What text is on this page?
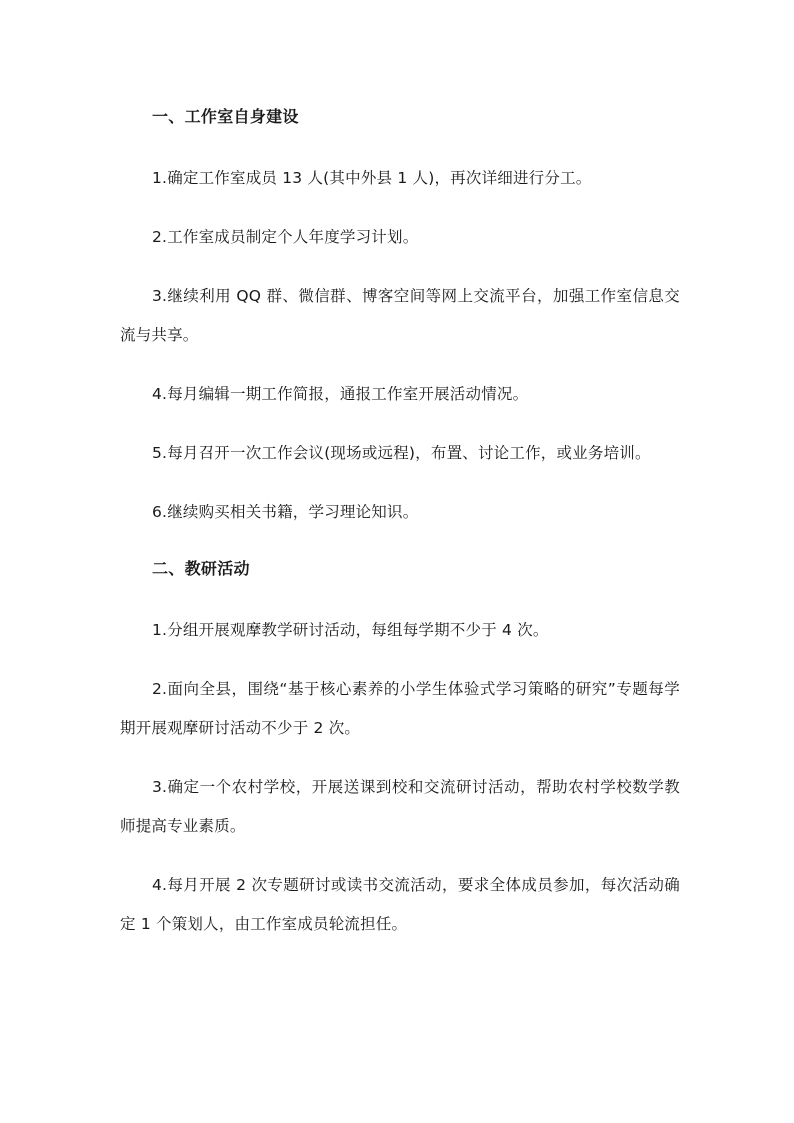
一、工作室自身建设

1.确定工作室成员 13 人(其中外县 1 人)，再次详细进行分工。

2.工作室成员制定个人年度学习计划。

3.继续利用 QQ 群、微信群、博客空间等网上交流平台，加强工作室信息交流与共享。

4.每月编辑一期工作简报，通报工作室开展活动情况。

5.每月召开一次工作会议(现场或远程)，布置、讨论工作，或业务培训。

6.继续购买相关书籍，学习理论知识。

二、教研活动

1.分组开展观摩教学研讨活动，每组每学期不少于 4 次。

2.面向全县，围绕“基于核心素养的小学生体验式学习策略的研究”专题每学期开展观摩研讨活动不少于 2 次。

3.确定一个农村学校，开展送课到校和交流研讨活动，帮助农村学校数学教师提高专业素质。

4.每月开展 2 次专题研讨或读书交流活动，要求全体成员参加，每次活动确定 1 个策划人，由工作室成员轮流担任。
